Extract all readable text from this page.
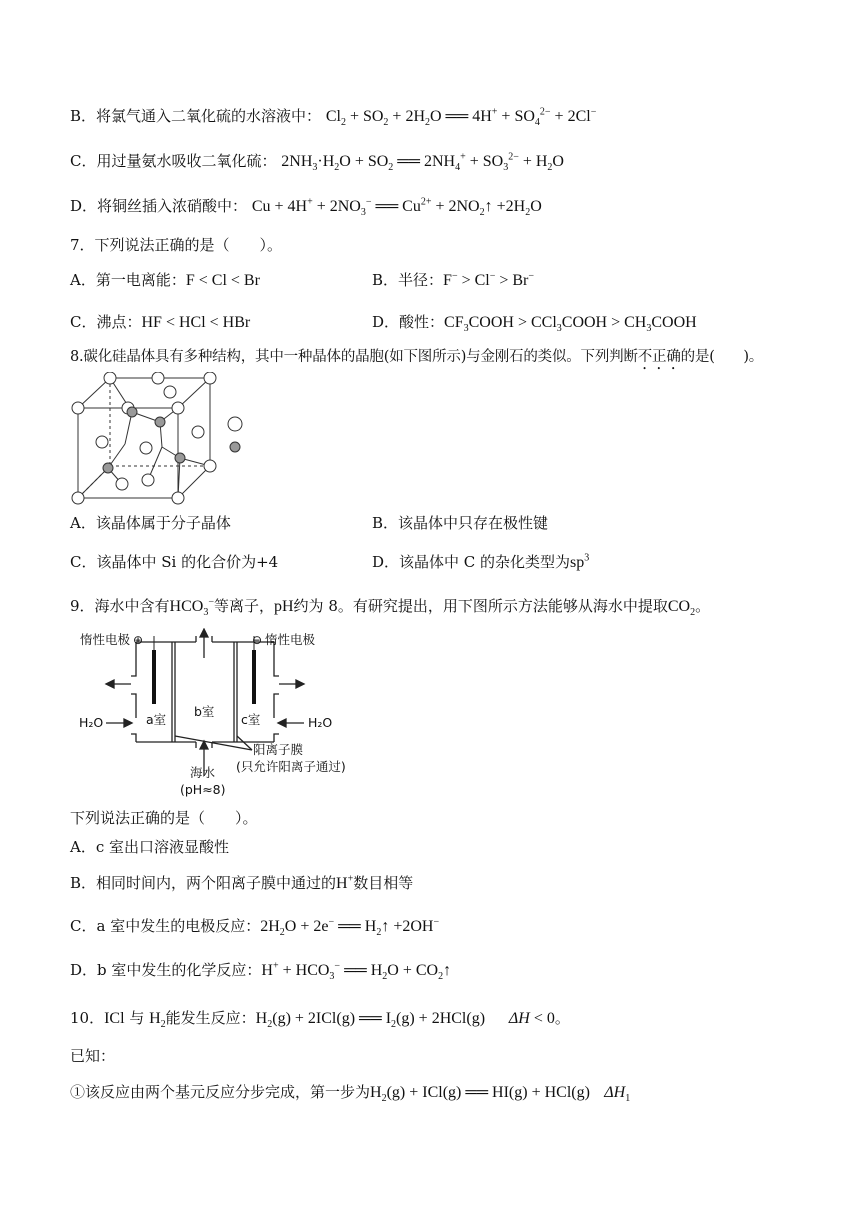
B．将氯气通入二氧化硫的水溶液中： $Cl_2 + SO_2 + 2H_2O$ ══ $4H^+ + SO_4^{2-} + 2Cl^-$
C．用过量氨水吸收二氧化硫： $2NH_3\cdot H_2O + SO_2$ ══ $2NH_4^+ + SO_3^{2-} + H_2O$
D．将铜丝插入浓硝酸中： $Cu + 4H^+ + 2NO_3^-$ ══ $Cu^{2+}$ + $2NO_2↑ +2H_2O$
7．下列说法正确的是（　　）。
A．第一电离能：F < Cl < Br	B．半径：F− > Cl− > Br−
C．沸点：HF < HCl < HBr	D．酸性：$CF_3COOH$ > CCl$_3$COOH > $CH_3COOH$
8.碳化硅晶体具有多种结构，其中一种晶体的晶胞(如下图所示)与金刚石的类似。下列判断不正确的是(　　)。
A．该晶体属于分子晶体	B．该晶体中只存在极性键
C．该晶体中 Si 的化合价为+4	D．该晶体中 C 的杂化类型为$sp^3$
9．海水中含有$HCO_3^-$等离子，pH约为 8。有研究提出，用下图所示方法能够从海水中提取$CO_2$。
惰性电极 ⊕	⊖ 惰性电极
H₂O	H₂O
a室
b室
c室
阳离子膜
(只允许阳离子通过)
海水
(pH≈8)
下列说法正确的是（　　）。
A．c 室出口溶液显酸性
B．相同时间内，两个阳离子膜中通过的H+数目相等
C．a 室中发生的电极反应：$2H_2O + 2e^-$ ══ $H_2↑ +2OH^-$
D．b 室中发生的化学反应：$H^+ + HCO_3^-$ ══ $H_2O$ + $CO_2↑$
10．ICl 与 $H_2$能发生反应：$H_2(g) + 2ICl(g)$ ══ $I_2(g) + 2HCl(g) \Delta H < 0$。
已知：
①该反应由两个基元反应分步完成，第一步为$H_2(g) + ICl(g)$ ══ HI(g) + HCl(g) $\Delta H_1$
